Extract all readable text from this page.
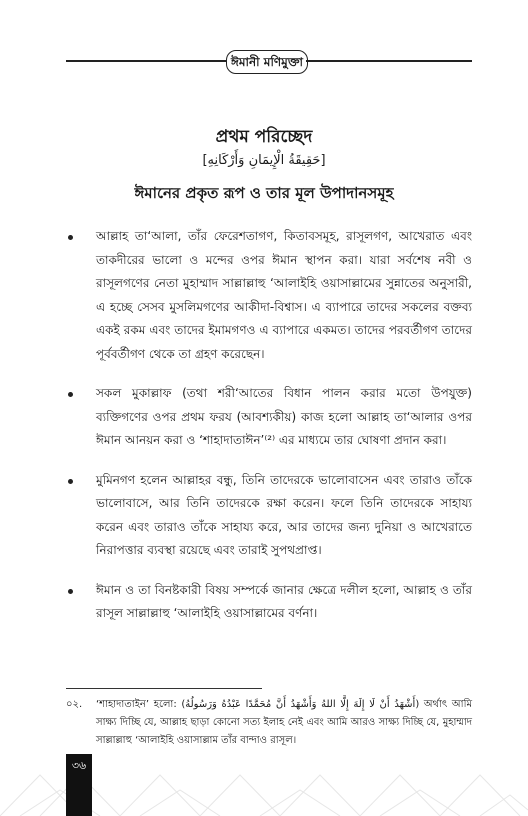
ঈমানী মণিমুক্তা
প্রথম পরিচ্ছেদ
[حَقِيقَةُ الْإِيمَانِ وَأَرْكَانِهِ]
ঈমানের প্রকৃত রূপ ও তার মূল উপাদানসমূহ
আল্লাহ তা‘আলা, তাঁর ফেরেশতাগণ, কিতাবসমূহ, রাসূলগণ, আখেরাত এবং তাকদীরের ভালো ও মন্দের ওপর ঈমান স্থাপন করা। যারা সর্বশেষ নবী ও রাসূলগণের নেতা মুহাম্মাদ সাল্লাল্লাহু ‘আলাইহি ওয়াসাল্লামের সুন্নাতের অনুসারী, এ হচ্ছে সেসব মুসলিমগণের আকীদা-বিশ্বাস। এ ব্যাপারে তাদের সকলের বক্তব্য একই রকম এবং তাদের ইমামগণও এ ব্যাপারে একমত। তাদের পরবর্তীগণ তাদের পূর্ববর্তীগণ থেকে তা গ্রহণ করেছেন।
সকল মুকাল্লাফ (তথা শরী‘আতের বিধান পালন করার মতো উপযুক্ত) ব্যক্তিগণের ওপর প্রথম ফরয (আবশ্যকীয়) কাজ হলো আল্লাহ তা‘আলার ওপর ঈমান আনয়ন করা ও ‘শাহাদাতাঈন’⁽²⁾ এর মাধ্যমে তার ঘোষণা প্রদান করা।
মুমিনগণ হলেন আল্লাহর বন্ধু, তিনি তাদেরকে ভালোবাসেন এবং তারাও তাঁকে ভালোবাসে, আর তিনি তাদেরকে রক্ষা করেন। ফলে তিনি তাদেরকে সাহায্য করেন এবং তারাও তাঁকে সাহায্য করে, আর তাদের জন্য দুনিয়া ও আখেরাতে নিরাপত্তার ব্যবস্থা রয়েছে এবং তারাই সুপথপ্রাপ্ত।
ঈমান ও তা বিনষ্টকারী বিষয় সম্পর্কে জানার ক্ষেত্রে দলীল হলো, আল্লাহ ও তাঁর রাসূল সাল্লাল্লাহু ‘আলাইহি ওয়াসাল্লামের বর্ণনা।
০২. ‘শাহাদাতাইন’ হলো: (أَشْهَدُ أَنْ لَا إِلَهَ إِلَّا اللهُ وَأَشْهَدُ أَنَّ مُحَمَّدًا عَبْدُهُ وَرَسُولُهُ) অর্থাৎ আমি সাক্ষ্য দিচ্ছি যে, আল্লাহ ছাড়া কোনো সত্য ইলাহ নেই এবং আমি আরও সাক্ষ্য দিচ্ছি যে, মুহাম্মাদ সাল্লাল্লাহু ‘আলাইহি ওয়াসাল্লাম তাঁর বান্দাও রাসূল।
৩৬
